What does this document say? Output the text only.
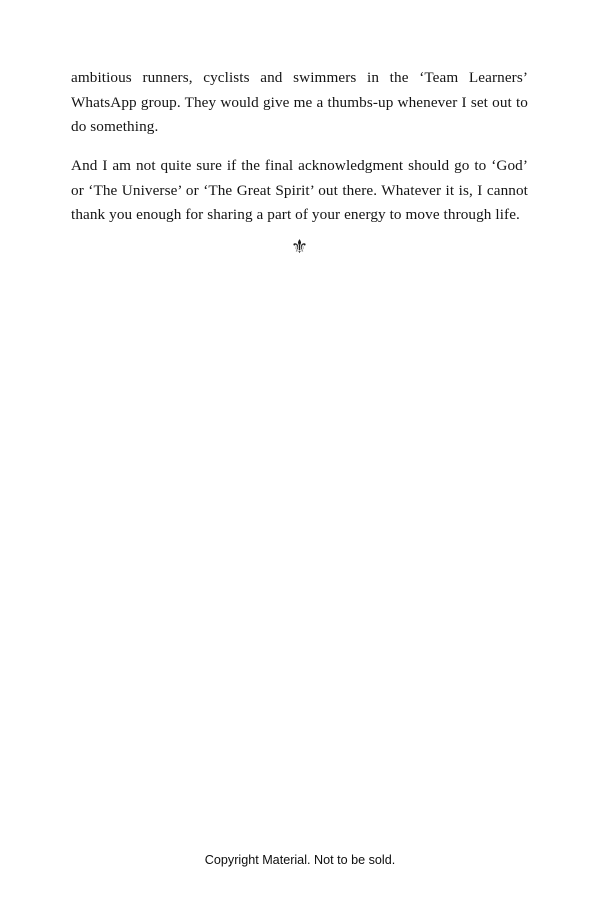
ambitious runners, cyclists and swimmers in the ‘Team Learners’ WhatsApp group. They would give me a thumbs-up whenever I set out to do something.

And I am not quite sure if the final acknowledgment should go to ‘God’ or ‘The Universe’ or ‘The Great Spirit’ out there. Whatever it is, I cannot thank you enough for sharing a part of your energy to move through life.

⚜
Copyright Material. Not to be sold.
